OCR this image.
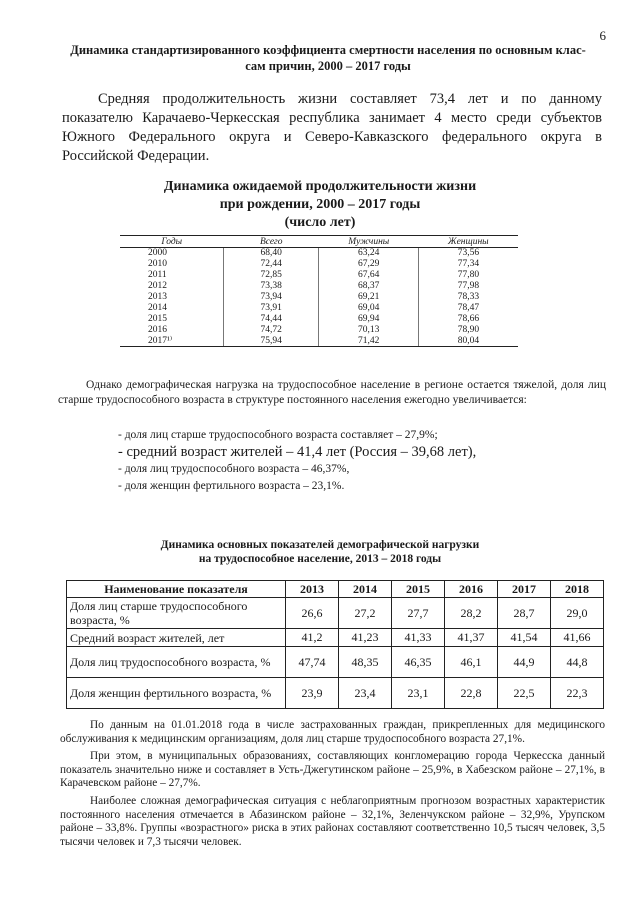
6
Динамика стандартизированного коэффициента смертности населения по основным клас-
сам причин, 2000 – 2017 годы
Средняя продолжительность жизни составляет 73,4 лет и по данному показателю Карачаево-Черкесская республика занимает 4 место среди субъектов Южного Федерального округа и Северо-Кавказского федерального округа в Российской Федерации.
Динамика ожидаемой продолжительности жизни
при рождении, 2000 – 2017 годы
(число лет)
Годы	Всего	Мужчины	Женщины
2000	68,40	63,24	73,56
2010	72,44	67,29	77,34
2011	72,85	67,64	77,80
2012	73,38	68,37	77,98
2013	73,94	69,21	78,33
2014	73,91	69,04	78,47
2015	74,44	69,94	78,66
2016	74,72	70,13	78,90
2017¹⁾	75,94	71,42	80,04
Однако демографическая нагрузка на трудоспособное население в регионе остается тяжелой, доля лиц старше трудоспособного возраста в структуре постоянного населения ежегодно увеличивается:
- доля лиц старше трудоспособного возраста составляет – 27,9%;
- средний возраст жителей – 41,4 лет (Россия – 39,68 лет),
- доля лиц трудоспособного возраста – 46,37%,
- доля женщин фертильного возраста – 23,1%.
Динамика основных показателей демографической нагрузки
на трудоспособное население, 2013 – 2018 годы
Наименование показателя	2013	2014	2015	2016	2017	2018
Доля лиц старше трудоспособного возраста, %	26,6	27,2	27,7	28,2	28,7	29,0
Средний возраст жителей, лет	41,2	41,23	41,33	41,37	41,54	41,66
Доля лиц трудоспособного возраста, %	47,74	48,35	46,35	46,1	44,9	44,8
Доля женщин фертильного возраста, %	23,9	23,4	23,1	22,8	22,5	22,3

По данным на 01.01.2018 года в числе застрахованных граждан, прикрепленных для медицинского обслуживания к медицинским организациям, доля лиц старше трудоспособного возраста 27,1%.

При этом, в муниципальных образованиях, составляющих конгломерацию города Черкесска данный показатель значительно ниже и составляет в Усть-Джегутинском районе – 25,9%, в Хабезском районе – 27,1%, в Карачевском районе – 27,7%.

Наиболее сложная демографическая ситуация с неблагоприятным прогнозом возрастных характеристик постоянного населения отмечается в Абазинском районе – 32,1%, Зеленчукском районе – 32,9%, Урупском районе – 33,8%. Группы «возрастного» риска в этих районах составляют соответственно 10,5 тысяч человек, 3,5 тысячи человек и 7,3 тысячи человек.
